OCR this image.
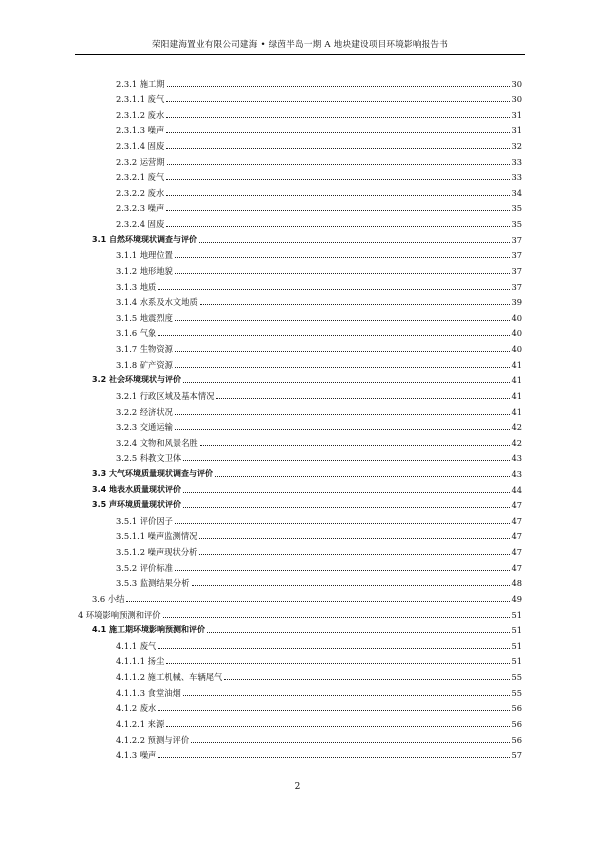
荣阳建海置业有限公司建海 • 绿茵半岛一期 A 地块建设项目环境影响报告书
2.3.1 施工期	30
2.3.1.1 废气	30
2.3.1.2 废水	31
2.3.1.3 噪声	31
2.3.1.4 固废	32
2.3.2 运营期	33
2.3.2.1 废气	33
2.3.2.2 废水	34
2.3.2.3 噪声	35
2.3.2.4 固废	35
3.1 自然环境现状调查与评价	37
3.1.1 地理位置	37
3.1.2 地形地貌	37
3.1.3 地质	37
3.1.4 水系及水文地质	39
3.1.5 地震烈度	40
3.1.6 气象	40
3.1.7 生物资源	40
3.1.8 矿产资源	41
3.2 社会环境现状与评价	41
3.2.1 行政区域及基本情况	41
3.2.2 经济状况	41
3.2.3 交通运输	42
3.2.4 文物和风景名胜	42
3.2.5 科教文卫体	43
3.3 大气环境质量现状调查与评价	43
3.4 地表水质量现状评价	44
3.5 声环境质量现状评价	47
3.5.1 评价因子	47
3.5.1.1 噪声监测情况	47
3.5.1.2 噪声现状分析	47
3.5.2 评价标准	47
3.5.3 监测结果分析	48
3.6 小结	49
4 环境影响预测和评价	51
4.1 施工期环境影响预测和评价	51
4.1.1 废气	51
4.1.1.1 扬尘	51
4.1.1.2 施工机械、车辆尾气	55
4.1.1.3 食堂油烟	55
4.1.2 废水	56
4.1.2.1 来源	56
4.1.2.2 预测与评价	56
4.1.3 噪声	57
2
